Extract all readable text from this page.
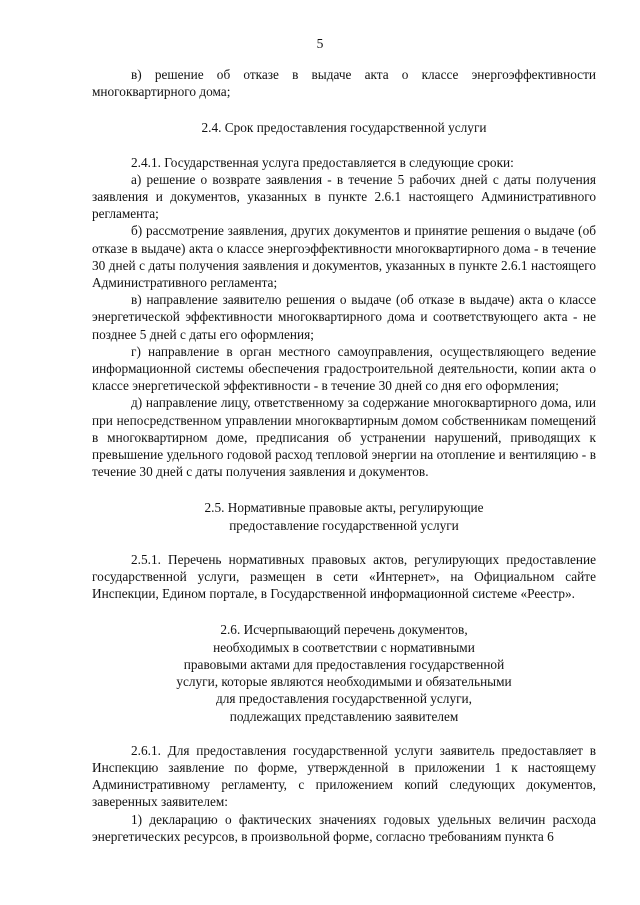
5

в) решение об отказе в выдаче акта о классе энергоэффективности многоквартирного дома;

2.4. Срок предоставления государственной услуги

2.4.1. Государственная услуга предоставляется в следующие сроки:

а) решение о возврате заявления - в течение 5 рабочих дней с даты получения заявления и документов, указанных в пункте 2.6.1 настоящего Административного регламента;

б) рассмотрение заявления, других документов и принятие решения о выдаче (об отказе в выдаче) акта о классе энергоэффективности многоквартирного дома - в течение 30 дней с даты получения заявления и документов, указанных в пункте 2.6.1 настоящего Административного регламента;

в) направление заявителю решения о выдаче (об отказе в выдаче) акта о классе энергетической эффективности многоквартирного дома и соответствующего акта - не позднее 5 дней с даты его оформления;

г) направление в орган местного самоуправления, осуществляющего ведение информационной системы обеспечения градостроительной деятельности, копии акта о классе энергетической эффективности - в течение 30 дней со дня его оформления;

д) направление лицу, ответственному за содержание многоквартирного дома, или при непосредственном управлении многоквартирным домом собственникам помещений в многоквартирном доме, предписания об устранении нарушений, приводящих к превышение удельного годовой расход тепловой энергии на отопление и вентиляцию - в течение 30 дней с даты получения заявления и документов.

2.5. Нормативные правовые акты, регулирующие
предоставление государственной услуги

2.5.1. Перечень нормативных правовых актов, регулирующих предоставление государственной услуги, размещен в сети «Интернет», на Официальном сайте Инспекции, Едином портале, в Государственной информационной системе «Реестр».

2.6. Исчерпывающий перечень документов,
необходимых в соответствии с нормативными
правовыми актами для предоставления государственной
услуги, которые являются необходимыми и обязательными
для предоставления государственной услуги,
подлежащих представлению заявителем

2.6.1. Для предоставления государственной услуги заявитель предоставляет в Инспекцию заявление по форме, утвержденной в приложении 1 к настоящему Административному регламенту, с приложением копий следующих документов, заверенных заявителем:

1) декларацию о фактических значениях годовых удельных величин расхода энергетических ресурсов, в произвольной форме, согласно требованиям пункта 6
